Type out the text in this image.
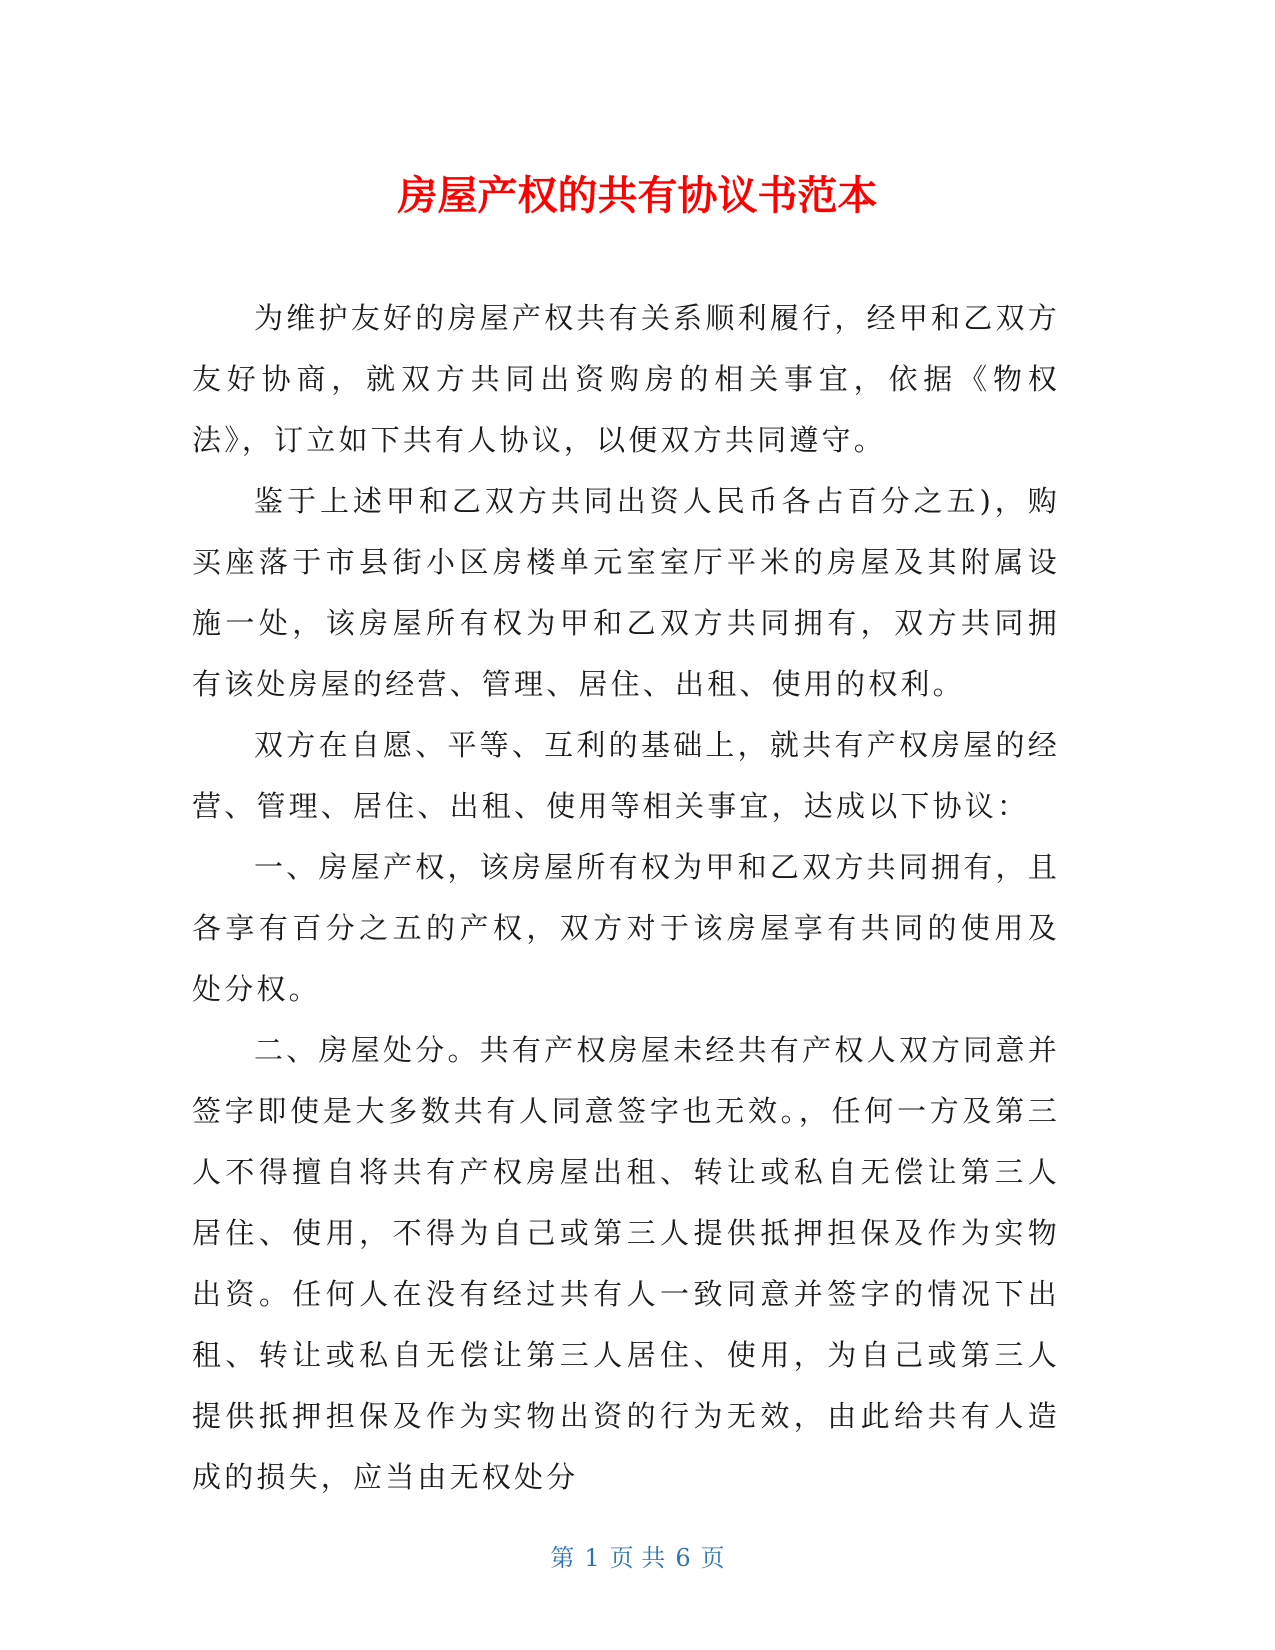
房屋产权的共有协议书范本

为维护友好的房屋产权共有关系顺利履行，经甲和乙双方友好协商，就双方共同出资购房的相关事宜，依据《物权法》，订立如下共有人协议，以便双方共同遵守。

鉴于上述甲和乙双方共同出资人民币各占百分之五)，购买座落于市县街小区房楼单元室室厅平米的房屋及其附属设施一处，该房屋所有权为甲和乙双方共同拥有，双方共同拥有该处房屋的经营、管理、居住、出租、使用的权利。

双方在自愿、平等、互利的基础上，就共有产权房屋的经营、管理、居住、出租、使用等相关事宜，达成以下协议：

一、房屋产权，该房屋所有权为甲和乙双方共同拥有，且各享有百分之五的产权，双方对于该房屋享有共同的使用及处分权。

二、房屋处分。共有产权房屋未经共有产权人双方同意并签字即使是大多数共有人同意签字也无效。，任何一方及第三人不得擅自将共有产权房屋出租、转让或私自无偿让第三人居住、使用，不得为自己或第三人提供抵押担保及作为实物出资。任何人在没有经过共有人一致同意并签字的情况下出租、转让或私自无偿让第三人居住、使用，为自己或第三人提供抵押担保及作为实物出资的行为无效，由此给共有人造成的损失，应当由无权处分

第 1 页 共 6 页
